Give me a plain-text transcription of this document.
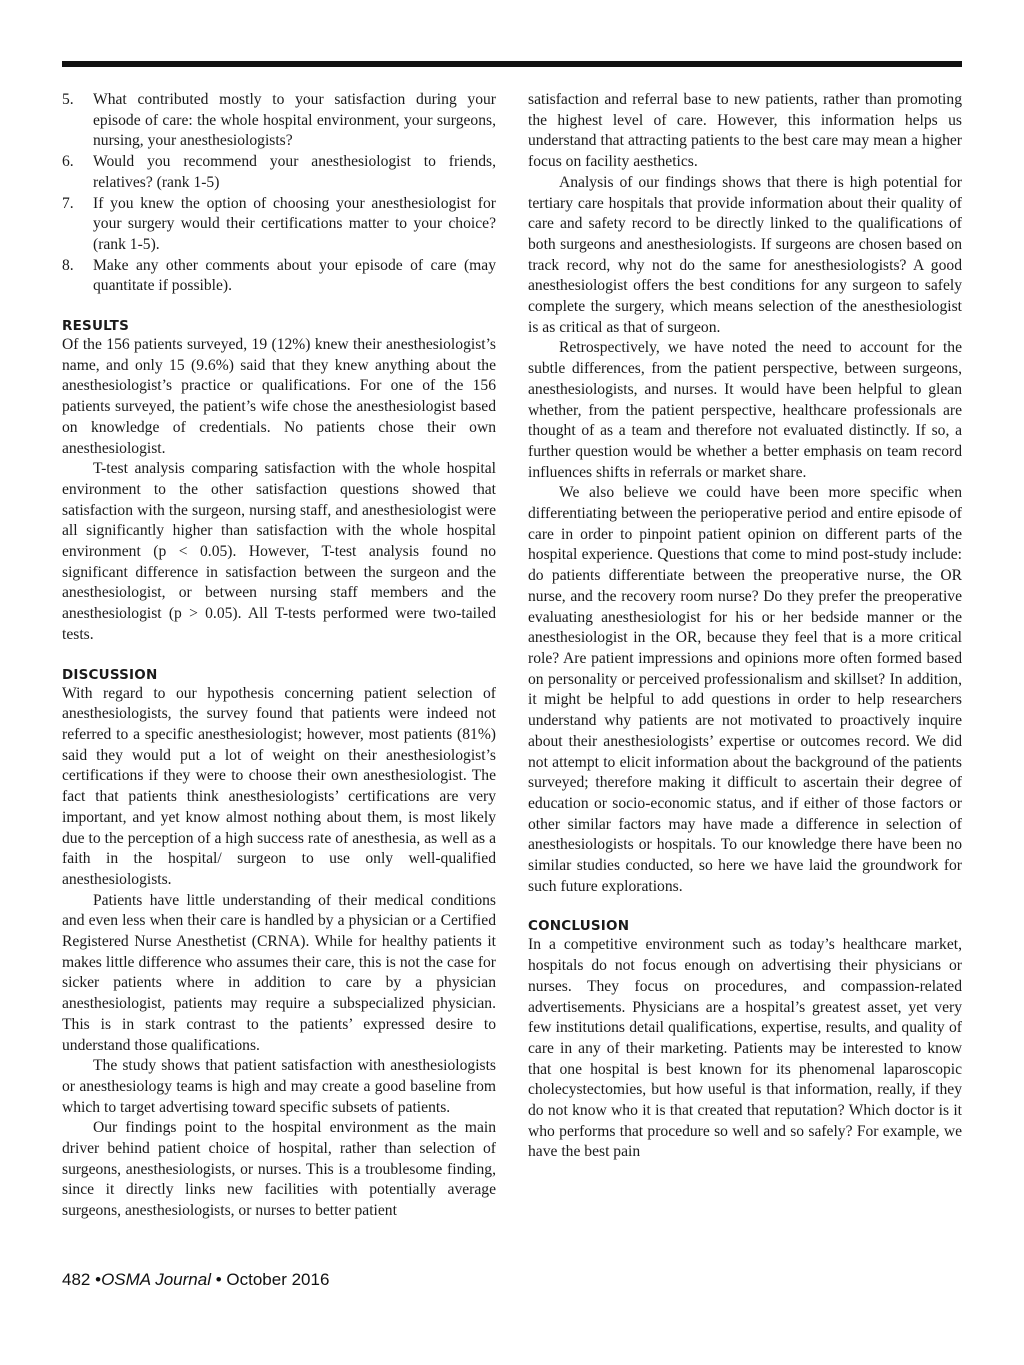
5.	What contributed mostly to your satisfaction during your episode of care: the whole hospital environment, your surgeons, nursing, your anesthesiologists?
6.	Would you recommend your anesthesiologist to friends, relatives? (rank 1-5)
7.	If you knew the option of choosing your anesthesiologist for your surgery would their certifications matter to your choice? (rank 1-5).
8.	Make any other comments about your episode of care (may quantitate if possible).
RESULTS

Of the 156 patients surveyed, 19 (12%) knew their anesthesiologist’s name, and only 15 (9.6%) said that they knew anything about the anesthesiologist’s practice or qualifications. For one of the 156 patients surveyed, the patient’s wife chose the anesthesiologist based on knowledge of credentials. No patients chose their own anesthesiologist.

T-test analysis comparing satisfaction with the whole hospital environment to the other satisfaction questions showed that satisfaction with the surgeon, nursing staff, and anesthesiologist were all significantly higher than satisfaction with the whole hospital environment (p < 0.05). However, T-test analysis found no significant difference in satisfaction between the surgeon and the anesthesiologist, or between nursing staff members and the anesthesiologist (p > 0.05). All T-tests performed were two-tailed tests.

DISCUSSION

With regard to our hypothesis concerning patient selection of anesthesiologists, the survey found that patients were indeed not referred to a specific anesthesiologist; however, most patients (81%) said they would put a lot of weight on their anesthesiologist’s certifications if they were to choose their own anesthesiologist. The fact that patients think anesthesiologists’ certifications are very important, and yet know almost nothing about them, is most likely due to the perception of a high success rate of anesthesia, as well as a faith in the hospital/ surgeon to use only well-qualified anesthesiologists.

Patients have little understanding of their medical conditions and even less when their care is handled by a physician or a Certified Registered Nurse Anesthetist (CRNA). While for healthy patients it makes little difference who assumes their care, this is not the case for sicker patients where in addition to care by a physician anesthesiologist, patients may require a subspecialized physician. This is in stark contrast to the patients’ expressed desire to understand those qualifications.

The study shows that patient satisfaction with anesthesiologists or anesthesiology teams is high and may create a good baseline from which to target advertising toward specific subsets of patients.

Our findings point to the hospital environment as the main driver behind patient choice of hospital, rather than selection of surgeons, anesthesiologists, or nurses. This is a troublesome finding, since it directly links new facilities with potentially average surgeons, anesthesiologists, or nurses to better patient

satisfaction and referral base to new patients, rather than promoting the highest level of care. However, this information helps us understand that attracting patients to the best care may mean a higher focus on facility aesthetics.

Analysis of our findings shows that there is high potential for tertiary care hospitals that provide information about their quality of care and safety record to be directly linked to the qualifications of both surgeons and anesthesiologists. If surgeons are chosen based on track record, why not do the same for anesthesiologists? A good anesthesiologist offers the best conditions for any surgeon to safely complete the surgery, which means selection of the anesthesiologist is as critical as that of surgeon.

Retrospectively, we have noted the need to account for the subtle differences, from the patient perspective, between surgeons, anesthesiologists, and nurses. It would have been helpful to glean whether, from the patient perspective, healthcare professionals are thought of as a team and therefore not evaluated distinctly. If so, a further question would be whether a better emphasis on team record influences shifts in referrals or market share.

We also believe we could have been more specific when differentiating between the perioperative period and entire episode of care in order to pinpoint patient opinion on different parts of the hospital experience. Questions that come to mind post-study include: do patients differentiate between the preoperative nurse, the OR nurse, and the recovery room nurse? Do they prefer the preoperative evaluating anesthesiologist for his or her bedside manner or the anesthesiologist in the OR, because they feel that is a more critical role? Are patient impressions and opinions more often formed based on personality or perceived professionalism and skillset? In addition, it might be helpful to add questions in order to help researchers understand why patients are not motivated to proactively inquire about their anesthesiologists’ expertise or outcomes record. We did not attempt to elicit information about the background of the patients surveyed; therefore making it difficult to ascertain their degree of education or socio-economic status, and if either of those factors or other similar factors may have made a difference in selection of anesthesiologists or hospitals. To our knowledge there have been no similar studies conducted, so here we have laid the groundwork for such future explorations.

CONCLUSION

In a competitive environment such as today’s healthcare market, hospitals do not focus enough on advertising their physicians or nurses. They focus on procedures, and compassion-related advertisements. Physicians are a hospital’s greatest asset, yet very few institutions detail qualifications, expertise, results, and quality of care in any of their marketing. Patients may be interested to know that one hospital is best known for its phenomenal laparoscopic cholecystectomies, but how useful is that information, really, if they do not know who it is that created that reputation? Which doctor is it who performs that procedure so well and so safely? For example, we have the best pain

482 •OSMA Journal • October 2016
